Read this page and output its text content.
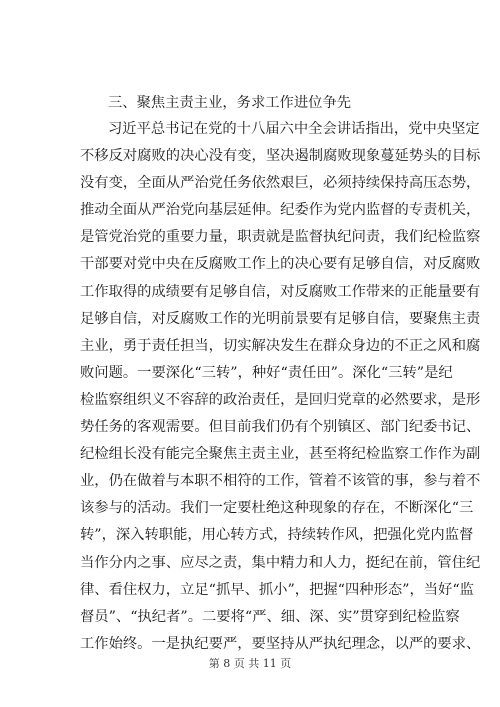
三、聚焦主责主业，务求工作进位争先
习近平总书记在党的十八届六中全会讲话指出，党中央坚定
不移反对腐败的决心没有变，坚决遏制腐败现象蔓延势头的目标
没有变，全面从严治党任务依然艰巨，必须持续保持高压态势，
推动全面从严治党向基层延伸。纪委作为党内监督的专责机关，
是管党治党的重要力量，职责就是监督执纪问责，我们纪检监察
干部要对党中央在反腐败工作上的决心要有足够自信，对反腐败
工作取得的成绩要有足够自信，对反腐败工作带来的正能量要有
足够自信，对反腐败工作的光明前景要有足够自信，要聚焦主责
主业，勇于责任担当，切实解决发生在群众身边的不正之风和腐
败问题。一要深化“三转”，种好“责任田”。深化“三转”是纪
检监察组织义不容辞的政治责任，是回归党章的必然要求，是形
势任务的客观需要。但目前我们仍有个别镇区、部门纪委书记、
纪检组长没有能完全聚焦主责主业，甚至将纪检监察工作作为副
业，仍在做着与本职不相符的工作，管着不该管的事，参与着不
该参与的活动。我们一定要杜绝这种现象的存在，不断深化“三
转”，深入转职能，用心转方式，持续转作风，把强化党内监督
当作分内之事、应尽之责，集中精力和人力，挺纪在前，管住纪
律、看住权力，立足“抓早、抓小”，把握“四种形态”，当好“监
督员”、“执纪者”。二要将“严、细、深、实”贯穿到纪检监察
工作始终。一是执纪要严，要坚持从严执纪理念，以严的要求、
第 8 页 共 11 页
